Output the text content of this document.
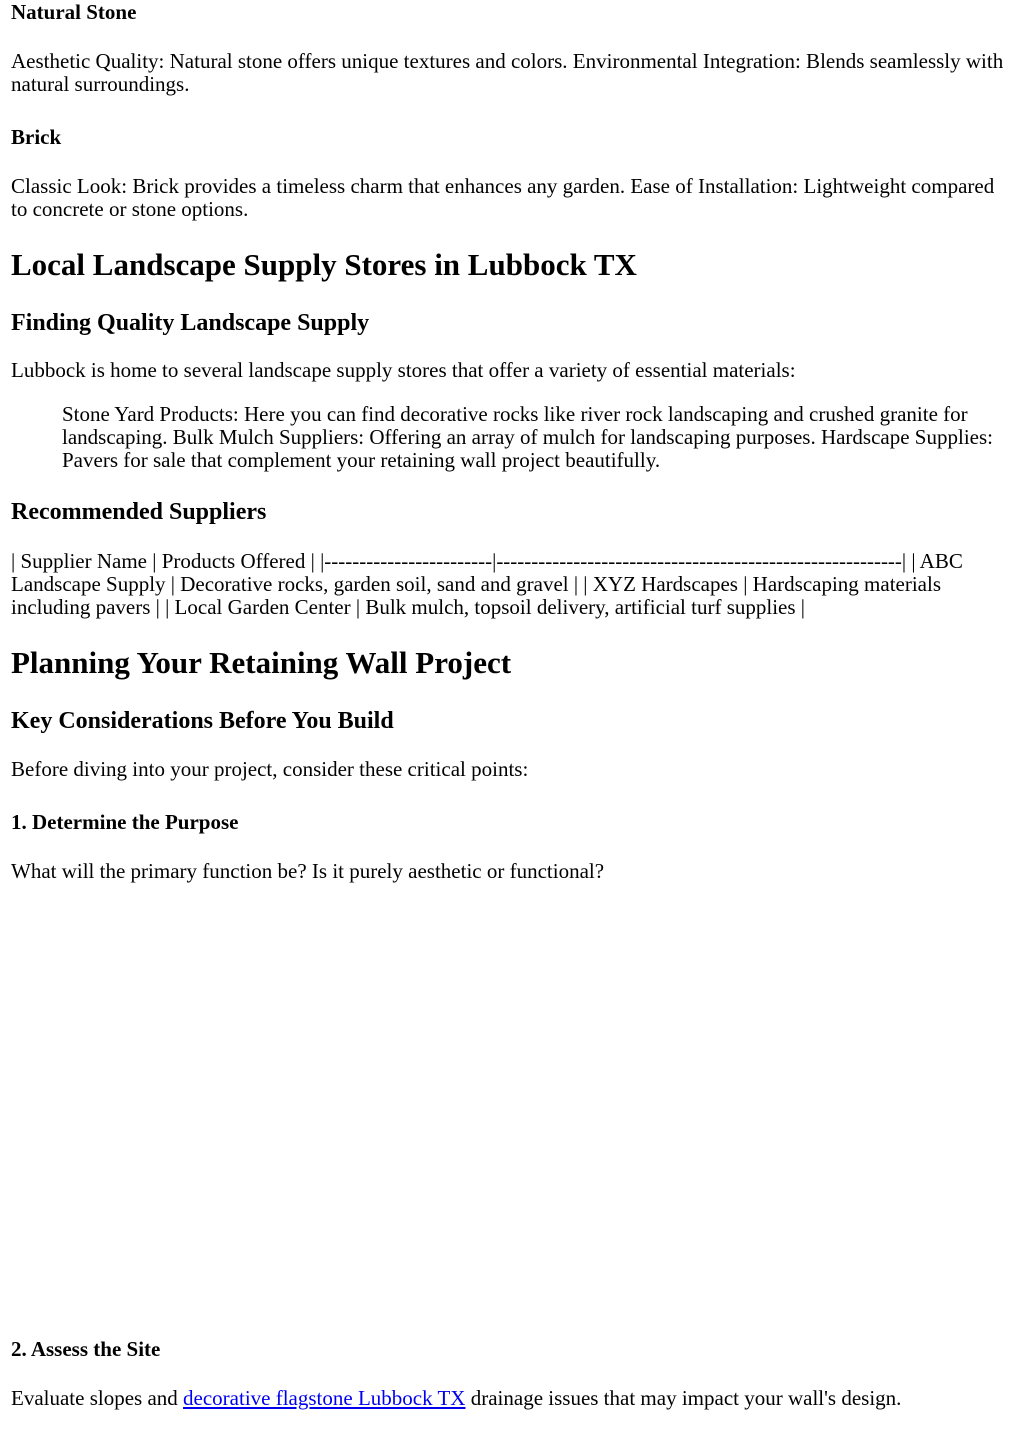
Natural Stone
Aesthetic Quality: Natural stone offers unique textures and colors. Environmental Integration: Blends seamlessly with natural surroundings.
Brick
Classic Look: Brick provides a timeless charm that enhances any garden. Ease of Installation: Lightweight compared to concrete or stone options.
Local Landscape Supply Stores in Lubbock TX
Finding Quality Landscape Supply
Lubbock is home to several landscape supply stores that offer a variety of essential materials:
Stone Yard Products: Here you can find decorative rocks like river rock landscaping and crushed granite for landscaping. Bulk Mulch Suppliers: Offering an array of mulch for landscaping purposes. Hardscape Supplies: Pavers for sale that complement your retaining wall project beautifully.
Recommended Suppliers
| Supplier Name | Products Offered | |------------------------|----------------------------------------------------------| | ABC Landscape Supply | Decorative rocks, garden soil, sand and gravel | | XYZ Hardscapes | Hardscaping materials including pavers | | Local Garden Center | Bulk mulch, topsoil delivery, artificial turf supplies |
Planning Your Retaining Wall Project
Key Considerations Before You Build
Before diving into your project, consider these critical points:
1. Determine the Purpose
What will the primary function be? Is it purely aesthetic or functional?
2. Assess the Site
Evaluate slopes and decorative flagstone Lubbock TX drainage issues that may impact your wall's design.
